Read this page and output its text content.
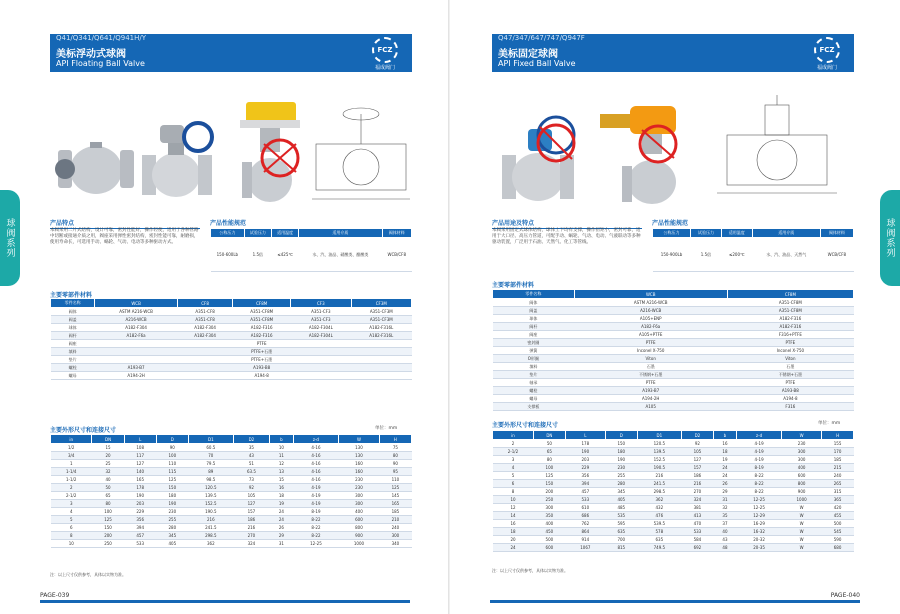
球阀系列
Q41/Q341/Q641/Q941H/Y
美标浮动式球阀
API Floating Ball Valve
FCZ
福成阀门
产品特点
本阀采用二片式结构，设计可靠，密封性能好，操作轻便，适用于各种管路中切断或接通介质之用，阀座采用弹性密封结构，密封性能可靠，耐磨损，使用寿命长，可选用手动、蜗轮、气动、电动等多种驱动方式。
产品性能规范
公称压力	试验压力	适用温度	适用介质	阀体材料
150-600Lb	1.5倍	≤425℃	水、汽、油品、硝酸类、醋酸类	WCB/CF8
主要零部件材料
零件名称	WCB	CF8	CF8M	CF3	CF3M
阀体	ASTM A216-WCB	A351-CF8	A351-CF8M	A351-CF3	A351-CF3M
阀盖	A216-WCB	A351-CF8	A351-CF8M	A351-CF3	A351-CF3M
球体	A182-F304	A182-F304	A182-F316	A182-F304L	A182-F316L
阀杆	A182-F6a	A182-F304	A182-F316	A182-F304L	A182-F316L
阀座			PTFE		
填料			PTFE+石墨		
垫片			PTFE+石墨		
螺栓	A193-B7		A193-B8		
螺母	A194-2H		A194-8		
主要外形尺寸和连接尺寸	单位：mm
in	DN	L	D	D1	D2	b	z-d	W	H
1/2	15	108	90	60.5	35	10	4-16	130	75
3/4	20	117	100	70	43	11	4-16	130	80
1	25	127	110	79.5	51	12	4-16	160	90
1-1/4	32	140	115	89	63.5	13	4-16	160	95
1-1/2	40	165	125	98.5	73	15	4-16	230	110
2	50	178	150	120.5	92	16	4-19	230	125
2-1/2	65	190	180	139.5	105	18	4-19	300	145
3	80	203	190	152.5	127	19	4-19	300	165
4	100	229	230	190.5	157	24	8-19	400	185
5	125	356	255	216	186	24	8-22	600	210
6	150	394	280	241.5	216	26	8-22	800	240
8	200	457	345	298.5	270	29	8-22	900	300
10	250	533	405	362	324	31	12-25	1000	340
注：以上尺寸仅供参考，具体以实物为准。
PAGE-039
球阀系列
Q47/347/647/747/Q947F
美标固定球阀
API Fixed Ball Valve
FCZ
福成阀门
产品用途及特点
本阀采用固定式球体结构，球体上下均有支撑，操作扭矩小，密封可靠，适用于大口径、高压力管道，可配手动、蜗轮、气动、电动、气液联动等多种驱动装置，广泛用于石油、天然气、化工等管线。
产品性能规范
公称压力	试验压力	适用温度	适用介质	阀体材料
150-900Lb	1.5倍	≤200℃	水、汽、油品、天然气	WCB/CF8
主要零部件材料
零件名称	WCB	CF8M
阀体	ASTM A216-WCB	A351-CF8M
阀盖	A216-WCB	A351-CF8M
球体	A105+ENP	A182-F316
阀杆	A182-F6a	A182-F316
阀座	A105+PTFE	F316+PTFE
密封圈	PTFE	PTFE
弹簧	Inconel X-750	Inconel X-750
O形圈	Viton	Viton
填料	石墨	石墨
垫片	不锈钢+石墨	不锈钢+石墨
轴承	PTFE	PTFE
螺栓	A193-B7	A193-B8
螺母	A194-2H	A194-8
支撑板	A105	F316
主要外形尺寸和连接尺寸	单位：mm
in	DN	L	D	D1	D2	b	z-d	W	H
2	50	178	150	120.5	92	16	4-19	230	155
2-1/2	65	190	180	139.5	105	18	4-19	300	170
3	80	203	190	152.5	127	19	4-19	300	185
4	100	229	230	190.5	157	24	8-19	400	215
5	125	356	255	216	186	24	8-22	600	240
6	150	394	280	241.5	216	26	8-22	800	265
8	200	457	345	298.5	270	29	8-22	900	315
10	250	533	405	362	324	31	12-25	1000	365
12	300	610	485	432	381	32	12-25	W	420
14	350	686	535	476	413	35	12-29	W	455
16	400	762	595	539.5	470	37	16-29	W	500
18	450	864	635	578	533	40	16-32	W	545
20	500	914	700	635	584	43	20-32	W	590
24	600	1067	815	749.5	692	48	20-35	W	680
注：以上尺寸仅供参考，具体以实物为准。
PAGE-040
